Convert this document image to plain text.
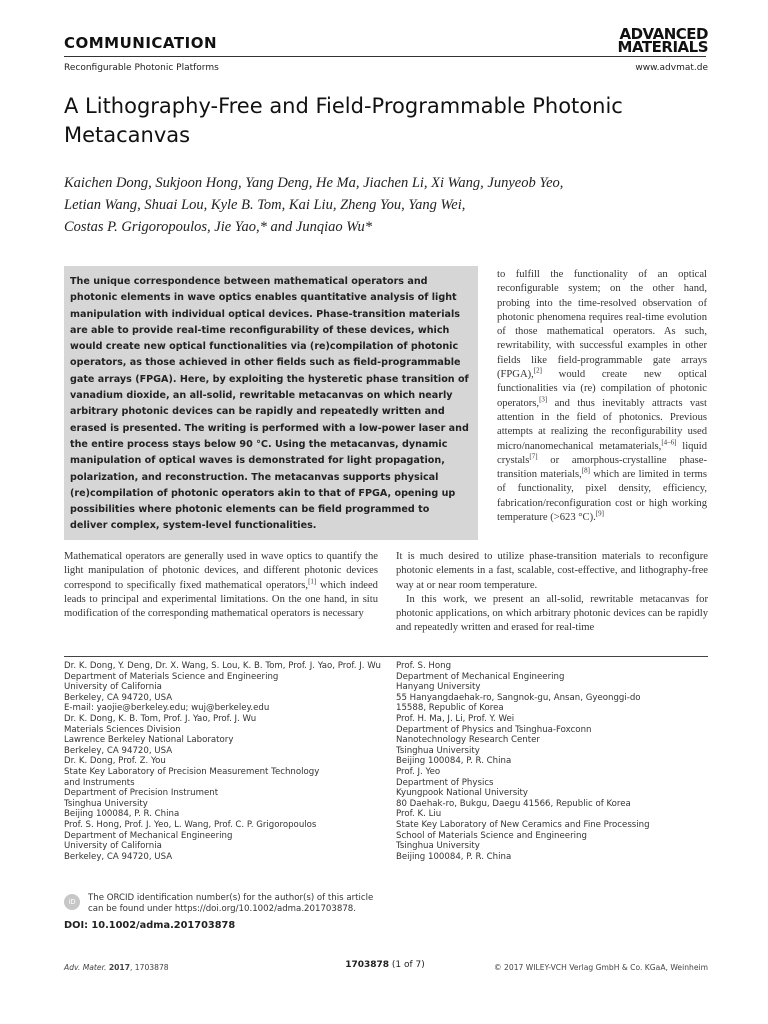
COMMUNICATION	ADVANCED
MATERIALS
Reconfigurable Photonic Platforms	www.advmat.de
A Lithography-Free and Field-Programmable Photonic Metacanvas
Kaichen Dong, Sukjoon Hong, Yang Deng, He Ma, Jiachen Li, Xi Wang, Junyeob Yeo,
Letian Wang, Shuai Lou, Kyle B. Tom, Kai Liu, Zheng You, Yang Wei,
Costas P. Grigoropoulos, Jie Yao,* and Junqiao Wu*
The unique correspondence between mathematical operators and photonic elements in wave optics enables quantitative analysis of light manipulation with individual optical devices. Phase-transition materials are able to provide real-time reconfigurability of these devices, which would create new optical functionalities via (re)compilation of photonic operators, as those achieved in other fields such as field-programmable gate arrays (FPGA). Here, by exploiting the hysteretic phase transition of vanadium dioxide, an all-solid, rewritable metacanvas on which nearly arbitrary photonic devices can be rapidly and repeatedly written and erased is presented. The writing is performed with a low-power laser and the entire process stays below 90 °C. Using the metacanvas, dynamic manipulation of optical waves is demonstrated for light propagation, polarization, and reconstruction. The metacanvas supports physical (re)compilation of photonic operators akin to that of FPGA, opening up possibilities where photonic elements can be field programmed to deliver complex, system-level functionalities.
to fulfill the functionality of an optical reconfigurable system; on the other hand, probing into the time-resolved observation of photonic phenomena requires real-time evolution of those mathematical operators. As such, rewritability, with successful examples in other fields like field-programmable gate arrays (FPGA),[2] would create new optical functionalities via (re) compilation of photonic operators,[3] and thus inevitably attracts vast attention in the field of photonics. Previous attempts at realizing the reconfigurability used micro/nanomechanical metamaterials,[4–6] liquid crystals[7] or amorphous-crystalline phase-transition materials,[8] which are limited in terms of functionality, pixel density, efficiency, fabrication/reconfiguration cost or high working temperature (>623 °C).[9]
It is much desired to utilize phase-transition materials to reconfigure photonic elements in a fast, scalable, cost-effective, and lithography-free way at or near room temperature.
In this work, we present an all-solid, rewritable metacanvas for photonic applications, on which arbitrary photonic devices can be rapidly and repeatedly written and erased for real-time
Mathematical operators are generally used in wave optics to quantify the light manipulation of photonic devices, and different photonic devices correspond to specifically fixed mathematical operators,[1] which indeed leads to principal and experimental limitations. On the one hand, in situ modification of the corresponding mathematical operators is necessary

Dr. K. Dong, Y. Deng, Dr. X. Wang, S. Lou, K. B. Tom, Prof. J. Yao, Prof. J. Wu

Department of Materials Science and Engineering

University of California

Berkeley, CA 94720, USA

E-mail: yaojie@berkeley.edu; wuj@berkeley.edu

Dr. K. Dong, K. B. Tom, Prof. J. Yao, Prof. J. Wu

Materials Sciences Division

Lawrence Berkeley National Laboratory

Berkeley, CA 94720, USA

Dr. K. Dong, Prof. Z. You

State Key Laboratory of Precision Measurement Technology

and Instruments

Department of Precision Instrument

Tsinghua University

Beijing 100084, P. R. China

Prof. S. Hong, Prof. J. Yeo, L. Wang, Prof. C. P. Grigoropoulos

Department of Mechanical Engineering

University of California

Berkeley, CA 94720, USA

Prof. S. Hong

Department of Mechanical Engineering

Hanyang University

55 Hanyangdaehak-ro, Sangnok-gu, Ansan, Gyeonggi-do

15588, Republic of Korea

Prof. H. Ma, J. Li, Prof. Y. Wei

Department of Physics and Tsinghua-Foxconn

Nanotechnology Research Center

Tsinghua University

Beijing 100084, P. R. China

Prof. J. Yeo

Department of Physics

Kyungpook National University

80 Daehak-ro, Bukgu, Daegu 41566, Republic of Korea

Prof. K. Liu

State Key Laboratory of New Ceramics and Fine Processing

School of Materials Science and Engineering

Tsinghua University

Beijing 100084, P. R. China

iD	The ORCID identification number(s) for the author(s) of this article
can be found under https://doi.org/10.1002/adma.201703878.
DOI: 10.1002/adma.201703878
Adv. Mater. 2017, 1703878	1703878 (1 of 7)	© 2017 WILEY-VCH Verlag GmbH & Co. KGaA, Weinheim
